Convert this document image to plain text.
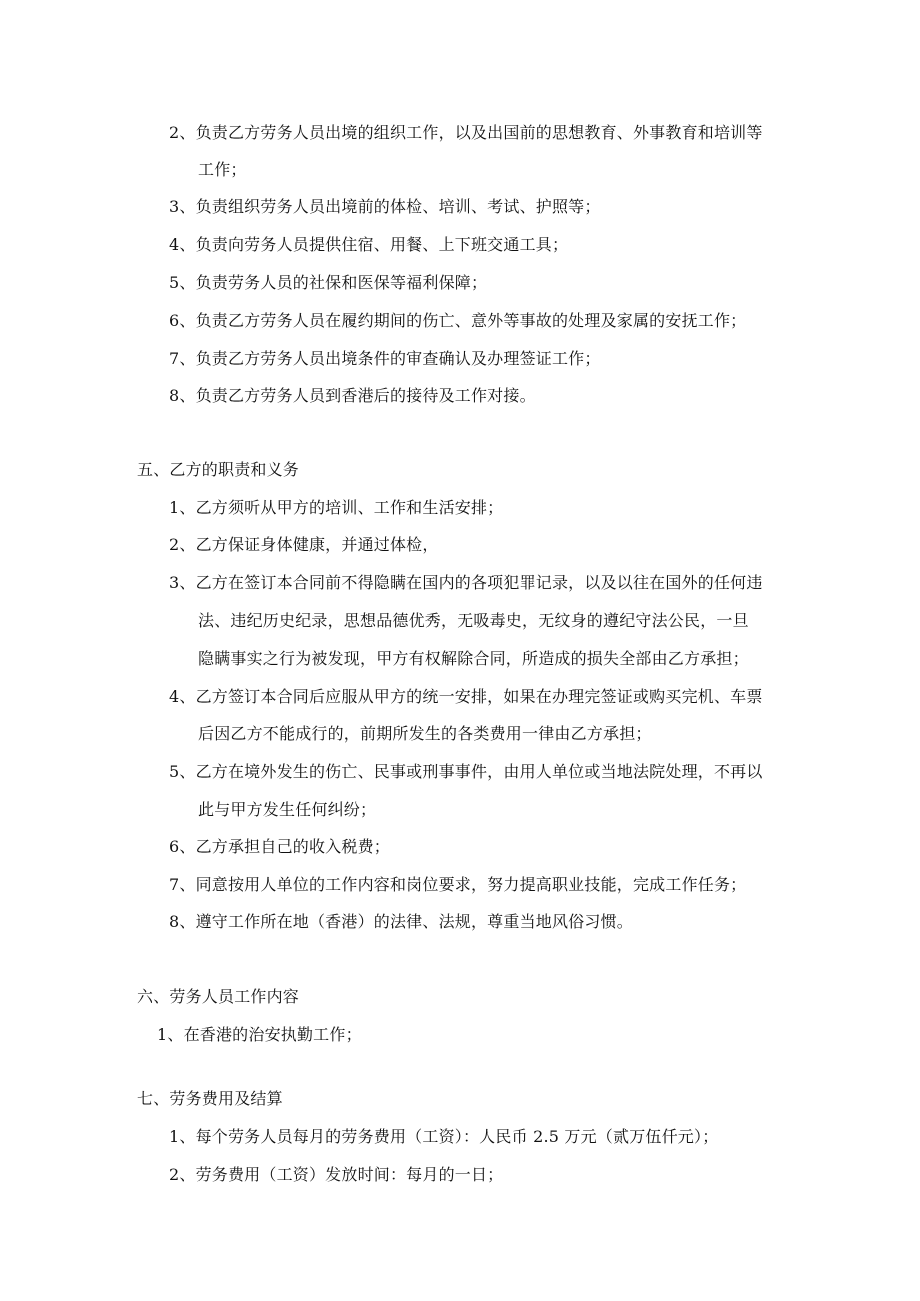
2、负责乙方劳务人员出境的组织工作，以及出国前的思想教育、外事教育和培训等
工作；
3、负责组织劳务人员出境前的体检、培训、考试、护照等；
4、负责向劳务人员提供住宿、用餐、上下班交通工具；
5、负责劳务人员的社保和医保等福利保障；
6、负责乙方劳务人员在履约期间的伤亡、意外等事故的处理及家属的安抚工作；
7、负责乙方劳务人员出境条件的审查确认及办理签证工作；
8、负责乙方劳务人员到香港后的接待及工作对接。
五、乙方的职责和义务
1、乙方须听从甲方的培训、工作和生活安排；
2、乙方保证身体健康，并通过体检，
3、乙方在签订本合同前不得隐瞒在国内的各项犯罪记录，以及以往在国外的任何违
法、违纪历史纪录，思想品德优秀，无吸毒史，无纹身的遵纪守法公民，一旦
隐瞒事实之行为被发现，甲方有权解除合同，所造成的损失全部由乙方承担；
4、乙方签订本合同后应服从甲方的统一安排，如果在办理完签证或购买完机、车票
后因乙方不能成行的，前期所发生的各类费用一律由乙方承担；
5、乙方在境外发生的伤亡、民事或刑事事件，由用人单位或当地法院处理，不再以
此与甲方发生任何纠纷；
6、乙方承担自己的收入税费；
7、同意按用人单位的工作内容和岗位要求，努力提高职业技能，完成工作任务；
8、遵守工作所在地（香港）的法律、法规，尊重当地风俗习惯。
六、劳务人员工作内容
1、在香港的治安执勤工作；
七、劳务费用及结算
1、每个劳务人员每月的劳务费用（工资）：人民币 2.5 万元（贰万伍仟元）；
2、劳务费用（工资）发放时间：每月的一日；
